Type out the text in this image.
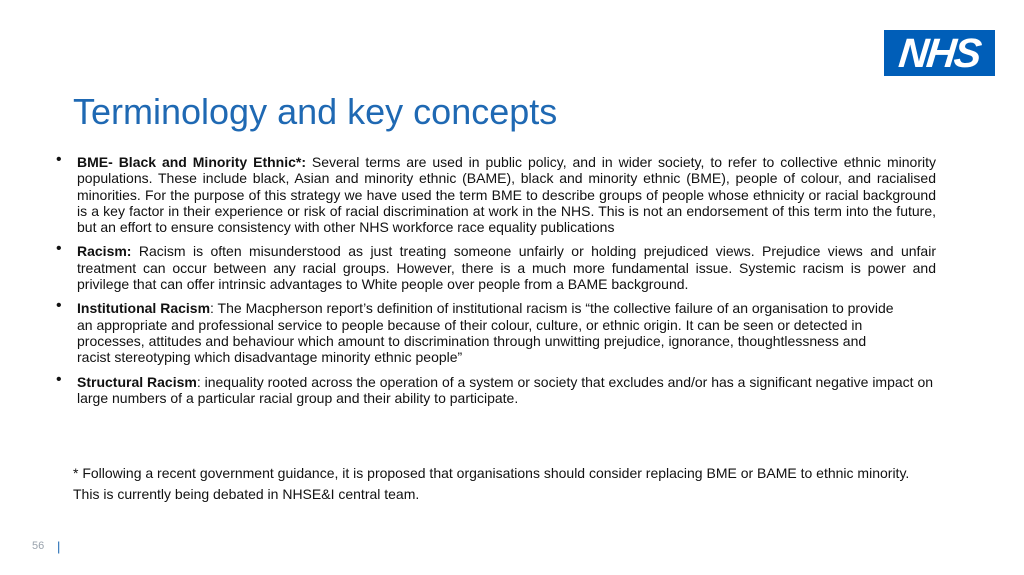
NHS
Terminology and key concepts
• BME- Black and Minority Ethnic*: Several terms are used in public policy, and in wider society, to refer to collective ethnic minority populations. These include black, Asian and minority ethnic (BAME), black and minority ethnic (BME), people of colour, and racialised minorities. For the purpose of this strategy we have used the term BME to describe groups of people whose ethnicity or racial background is a key factor in their experience or risk of racial discrimination at work in the NHS. This is not an endorsement of this term into the future, but an effort to ensure consistency with other NHS workforce race equality publications
• Racism: Racism is often misunderstood as just treating someone unfairly or holding prejudiced views. Prejudice views and unfair treatment can occur between any racial groups. However, there is a much more fundamental issue. Systemic racism is power and privilege that can offer intrinsic advantages to White people over people from a BAME background.
• Institutional Racism: The Macpherson report’s definition of institutional racism is “the collective failure of an organisation to provide an appropriate and professional service to people because of their colour, culture, or ethnic origin. It can be seen or detected in processes, attitudes and behaviour which amount to discrimination through unwitting prejudice, ignorance, thoughtlessness and racist stereotyping which disadvantage minority ethnic people”
• Structural Racism: inequality rooted across the operation of a system or society that excludes and/or has a significant negative impact on large numbers of a particular racial group and their ability to participate.
* Following a recent government guidance, it is proposed that organisations should consider replacing BME or BAME to ethnic minority. This is currently being debated in NHSE&I central team.
56 |
